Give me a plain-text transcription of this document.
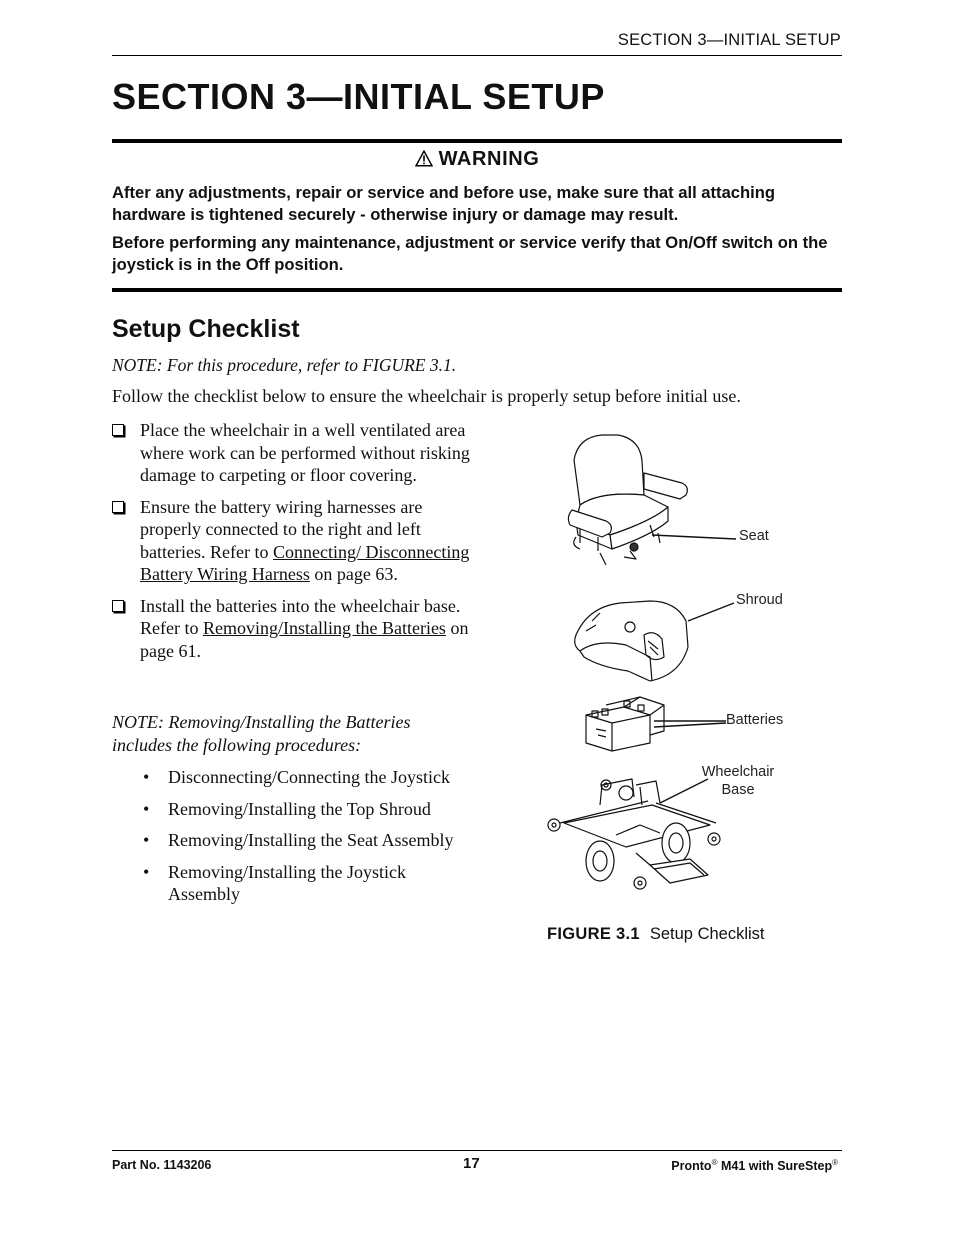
SECTION 3—INITIAL SETUP
SECTION 3—INITIAL SETUP
WARNING

After any adjustments, repair or service and before use, make sure that all attaching hardware is tightened securely - otherwise injury or damage may result.

Before performing any maintenance, adjustment or service verify that On/Off switch on the joystick is in the Off position.

Setup Checklist
NOTE: For this procedure, refer to FIGURE 3.1.
Follow the checklist below to ensure the wheelchair is properly setup before initial use.
Place the wheelchair in a well ventilated area where work can be performed without risking damage to carpeting or floor covering.
Ensure the battery wiring harnesses are properly connected to the right and left batteries. Refer to Connecting/ Disconnecting Battery Wiring Harness on page 63.
Install the batteries into the wheelchair base. Refer to Removing/Installing the Batteries on page 61.
NOTE: Removing/Installing the Batteries includes the following procedures:
• Disconnecting/Connecting the Joystick
• Removing/Installing the Top Shroud
• Removing/Installing the Seat Assembly
• Removing/Installing the Joystick Assembly
Seat
Shroud
Batteries
Wheelchair
Base
FIGURE 3.1 Setup Checklist
Part No. 1143206	17	Pronto® M41 with SureStep®
